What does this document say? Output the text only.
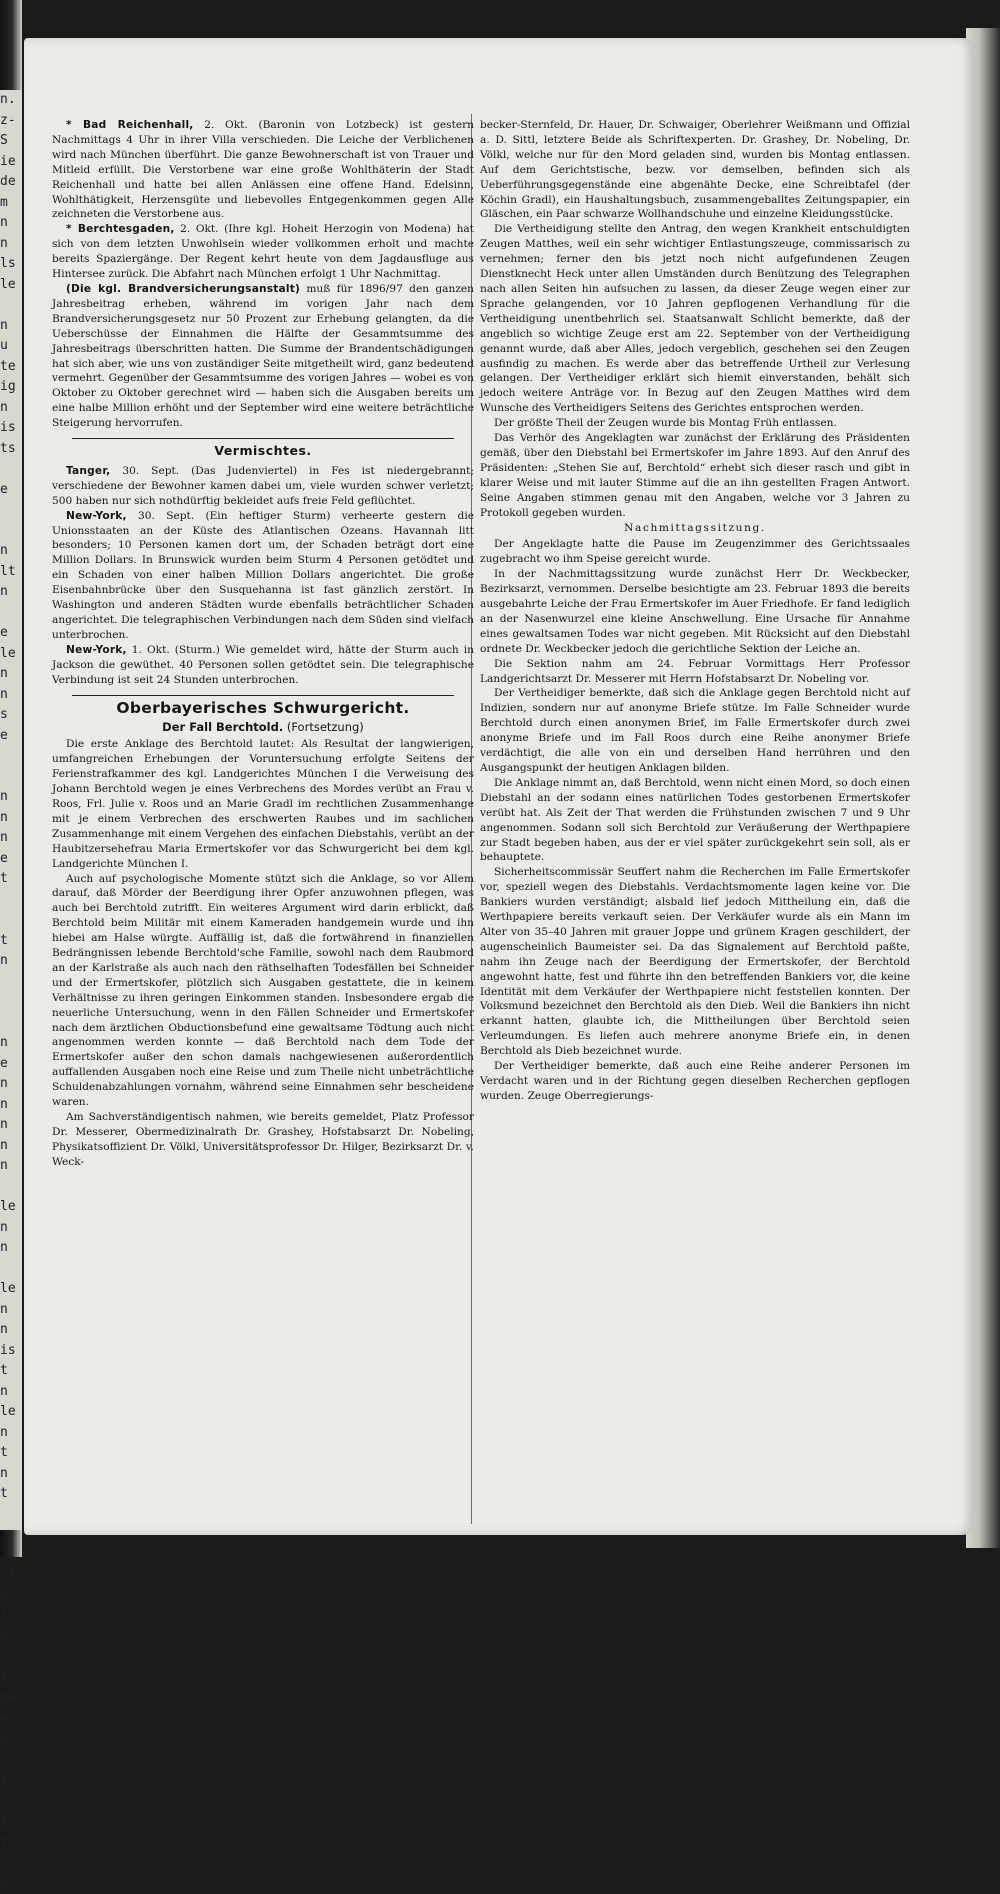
n.
z-
S
ie
de
m
n
n
ls
le

n
u
te
ig
n
is
ts

e

n
lt
n

e
le
n
n
s
e

n
n
n
e
t

t
n

n
e
n
n
n
n
n

le
n
n

le
n
n
is
t
n
le
n
t
n
t

rt
n
t
n

s
de
e
n

e

t
t

S

* Bad Reichenhall, 2. Okt. (Baronin von Lotzbeck) ist gestern Nachmittags 4 Uhr in ihrer Villa verschieden. Die Leiche der Verblichenen wird nach München überführt. Die ganze Bewohnerschaft ist von Trauer und Mitleid erfüllt. Die Verstorbene war eine große Wohlthäterin der Stadt Reichenhall und hatte bei allen Anlässen eine offene Hand. Edelsinn, Wohlthätigkeit, Herzensgüte und liebevolles Entgegenkommen gegen Alle zeichneten die Verstorbene aus.

* Berchtesgaden, 2. Okt. (Ihre kgl. Hoheit Herzogin von Modena) hat sich von dem letzten Unwohlsein wieder vollkommen erholt und machte bereits Spaziergänge. Der Regent kehrt heute von dem Jagdausfluge aus Hintersee zurück. Die Abfahrt nach München erfolgt 1 Uhr Nachmittag.

(Die kgl. Brandversicherungsanstalt) muß für 1896/97 den ganzen Jahresbeitrag erheben, während im vorigen Jahr nach dem Brandversicherungsgesetz nur 50 Prozent zur Erhebung gelangten, da die Ueberschüsse der Einnahmen die Hälfte der Gesammtsumme des Jahresbeitrags überschritten hatten. Die Summe der Brandentschädigungen hat sich aber, wie uns von zuständiger Seite mitgetheilt wird, ganz bedeutend vermehrt. Gegenüber der Gesammtsumme des vorigen Jahres — wobei es von Oktober zu Oktober gerechnet wird — haben sich die Ausgaben bereits um eine halbe Million erhöht und der September wird eine weitere beträchtliche Steigerung hervorrufen.

Vermischtes.

Tanger, 30. Sept. (Das Judenviertel) in Fes ist niedergebrannt; verschiedene der Bewohner kamen dabei um, viele wurden schwer verletzt; 500 haben nur sich nothdürftig bekleidet aufs freie Feld geflüchtet.

New-York, 30. Sept. (Ein heftiger Sturm) verheerte gestern die Unionsstaaten an der Küste des Atlantischen Ozeans. Havannah litt besonders; 10 Personen kamen dort um, der Schaden beträgt dort eine Million Dollars. In Brunswick wurden beim Sturm 4 Personen getödtet und ein Schaden von einer halben Million Dollars angerichtet. Die große Eisenbahnbrücke über den Susquehanna ist fast gänzlich zerstört. In Washington und anderen Städten wurde ebenfalls beträchtlicher Schaden angerichtet. Die telegraphischen Verbindungen nach dem Süden sind vielfach unterbrochen.

New-York, 1. Okt. (Sturm.) Wie gemeldet wird, hätte der Sturm auch in Jackson die gewüthet. 40 Personen sollen getödtet sein. Die telegraphische Verbindung ist seit 24 Stunden unterbrochen.

Oberbayerisches Schwurgericht.
Der Fall Berchtold. (Fortsetzung)

Die erste Anklage des Berchtold lautet: Als Resultat der langwierigen, umfangreichen Erhebungen der Voruntersuchung erfolgte Seitens der Ferienstrafkammer des kgl. Landgerichtes München I die Verweisung des Johann Berchtold wegen je eines Verbrechens des Mordes verübt an Frau v. Roos, Frl. Julie v. Roos und an Marie Gradl im rechtlichen Zusammenhange mit je einem Verbrechen des erschwerten Raubes und im sachlichen Zusammenhange mit einem Vergehen des einfachen Diebstahls, verübt an der Haubitzersehefrau Maria Ermertskofer vor das Schwurgericht bei dem kgl. Landgerichte München I.

Auch auf psychologische Momente stützt sich die Anklage, so vor Allem darauf, daß Mörder der Beerdigung ihrer Opfer anzuwohnen pflegen, was auch bei Berchtold zutrifft. Ein weiteres Argument wird darin erblickt, daß Berchtold beim Militär mit einem Kameraden handgemein wurde und ihn hiebei am Halse würgte. Auffällig ist, daß die fortwährend in finanziellen Bedrängnissen lebende Berchtold'sche Familie, sowohl nach dem Raubmord an der Karlstraße als auch nach den räthselhaften Todesfällen bei Schneider und der Ermertskofer, plötzlich sich Ausgaben gestattete, die in keinem Verhältnisse zu ihren geringen Einkommen standen. Insbesondere ergab die neuerliche Untersuchung, wenn in den Fällen Schneider und Ermertskofer nach dem ärztlichen Obductionsbefund eine gewaltsame Tödtung auch nicht angenommen werden konnte — daß Berchtold nach dem Tode der Ermertskofer außer den schon damals nachgewiesenen außerordentlich auffallenden Ausgaben noch eine Reise und zum Theile nicht unbeträchtliche Schuldenabzahlungen vornahm, während seine Einnahmen sehr bescheidene waren.

Am Sachverständigentisch nahmen, wie bereits gemeldet, Platz Professor Dr. Messerer, Obermedizinalrath Dr. Grashey, Hofstabsarzt Dr. Nobeling, Physikatsoffizient Dr. Völkl, Universitätsprofessor Dr. Hilger, Bezirksarzt Dr. v. Weck-

becker-Sternfeld, Dr. Hauer, Dr. Schwaiger, Oberlehrer Weißmann und Offizial a. D. Sittl, letztere Beide als Schriftexperten. Dr. Grashey, Dr. Nobeling, Dr. Völkl, welche nur für den Mord geladen sind, wurden bis Montag entlassen. Auf dem Gerichtstische, bezw. vor demselben, befinden sich als Ueberführungsgegenstände eine abgenähte Decke, eine Schreibtafel (der Köchin Gradl), ein Haushaltungsbuch, zusammengeballtes Zeitungspapier, ein Gläschen, ein Paar schwarze Wollhandschuhe und einzelne Kleidungsstücke.

Die Vertheidigung stellte den Antrag, den wegen Krankheit entschuldigten Zeugen Matthes, weil ein sehr wichtiger Entlastungszeuge, commissarisch zu vernehmen; ferner den bis jetzt noch nicht aufgefundenen Zeugen Dienstknecht Heck unter allen Umständen durch Benützung des Telegraphen nach allen Seiten hin aufsuchen zu lassen, da dieser Zeuge wegen einer zur Sprache gelangenden, vor 10 Jahren gepflogenen Verhandlung für die Vertheidigung unentbehrlich sei. Staatsanwalt Schlicht bemerkte, daß der angeblich so wichtige Zeuge erst am 22. September von der Vertheidigung genannt wurde, daß aber Alles, jedoch vergeblich, geschehen sei den Zeugen ausfindig zu machen. Es werde aber das betreffende Urtheil zur Verlesung gelangen. Der Vertheidiger erklärt sich hiemit einverstanden, behält sich jedoch weitere Anträge vor. In Bezug auf den Zeugen Matthes wird dem Wunsche des Vertheidigers Seitens des Gerichtes entsprochen werden.

Der größte Theil der Zeugen wurde bis Montag Früh entlassen.

Das Verhör des Angeklagten war zunächst der Erklärung des Präsidenten gemäß, über den Diebstahl bei Ermertskofer im Jahre 1893. Auf den Anruf des Präsidenten: „Stehen Sie auf, Berchtold“ erhebt sich dieser rasch und gibt in klarer Weise und mit lauter Stimme auf die an ihn gestellten Fragen Antwort. Seine Angaben stimmen genau mit den Angaben, welche vor 3 Jahren zu Protokoll gegeben wurden.

Nachmittagssitzung.

Der Angeklagte hatte die Pause im Zeugenzimmer des Gerichtssaales zugebracht wo ihm Speise gereicht wurde.

In der Nachmittagssitzung wurde zunächst Herr Dr. Weckbecker, Bezirksarzt, vernommen. Derselbe besichtigte am 23. Februar 1893 die bereits ausgebahrte Leiche der Frau Ermertskofer im Auer Friedhofe. Er fand lediglich an der Nasenwurzel eine kleine Anschwellung. Eine Ursache für Annahme eines gewaltsamen Todes war nicht gegeben. Mit Rücksicht auf den Diebstahl ordnete Dr. Weckbecker jedoch die gerichtliche Sektion der Leiche an.

Die Sektion nahm am 24. Februar Vormittags Herr Professor Landgerichtsarzt Dr. Messerer mit Herrn Hofstabsarzt Dr. Nobeling vor.

Der Vertheidiger bemerkte, daß sich die Anklage gegen Berchtold nicht auf Indizien, sondern nur auf anonyme Briefe stütze. Im Falle Schneider wurde Berchtold durch einen anonymen Brief, im Falle Ermertskofer durch zwei anonyme Briefe und im Fall Roos durch eine Reihe anonymer Briefe verdächtigt, die alle von ein und derselben Hand herrühren und den Ausgangspunkt der heutigen Anklagen bilden.

Die Anklage nimmt an, daß Berchtold, wenn nicht einen Mord, so doch einen Diebstahl an der sodann eines natürlichen Todes gestorbenen Ermertskofer verübt hat. Als Zeit der That werden die Frühstunden zwischen 7 und 9 Uhr angenommen. Sodann soll sich Berchtold zur Veräußerung der Werthpapiere zur Stadt begeben haben, aus der er viel später zurückgekehrt sein soll, als er behauptete.

Sicherheitscommissär Seuffert nahm die Recherchen im Falle Ermertskofer vor, speziell wegen des Diebstahls. Verdachtsmomente lagen keine vor. Die Bankiers wurden verständigt; alsbald lief jedoch Mittheilung ein, daß die Werthpapiere bereits verkauft seien. Der Verkäufer wurde als ein Mann im Alter von 35–40 Jahren mit grauer Joppe und grünem Kragen geschildert, der augenscheinlich Baumeister sei. Da das Signalement auf Berchtold paßte, nahm ihn Zeuge nach der Beerdigung der Ermertskofer, der Berchtold angewohnt hatte, fest und führte ihn den betreffenden Bankiers vor, die keine Identität mit dem Verkäufer der Werthpapiere nicht feststellen konnten. Der Volksmund bezeichnet den Berchtold als den Dieb. Weil die Bankiers ihn nicht erkannt hatten, glaubte ich, die Mittheilungen über Berchtold seien Verleumdungen. Es liefen auch mehrere anonyme Briefe ein, in denen Berchtold als Dieb bezeichnet wurde.

Der Vertheidiger bemerkte, daß auch eine Reihe anderer Personen im Verdacht waren und in der Richtung gegen dieselben Recherchen gepflogen wurden. Zeuge Oberregierungs-
